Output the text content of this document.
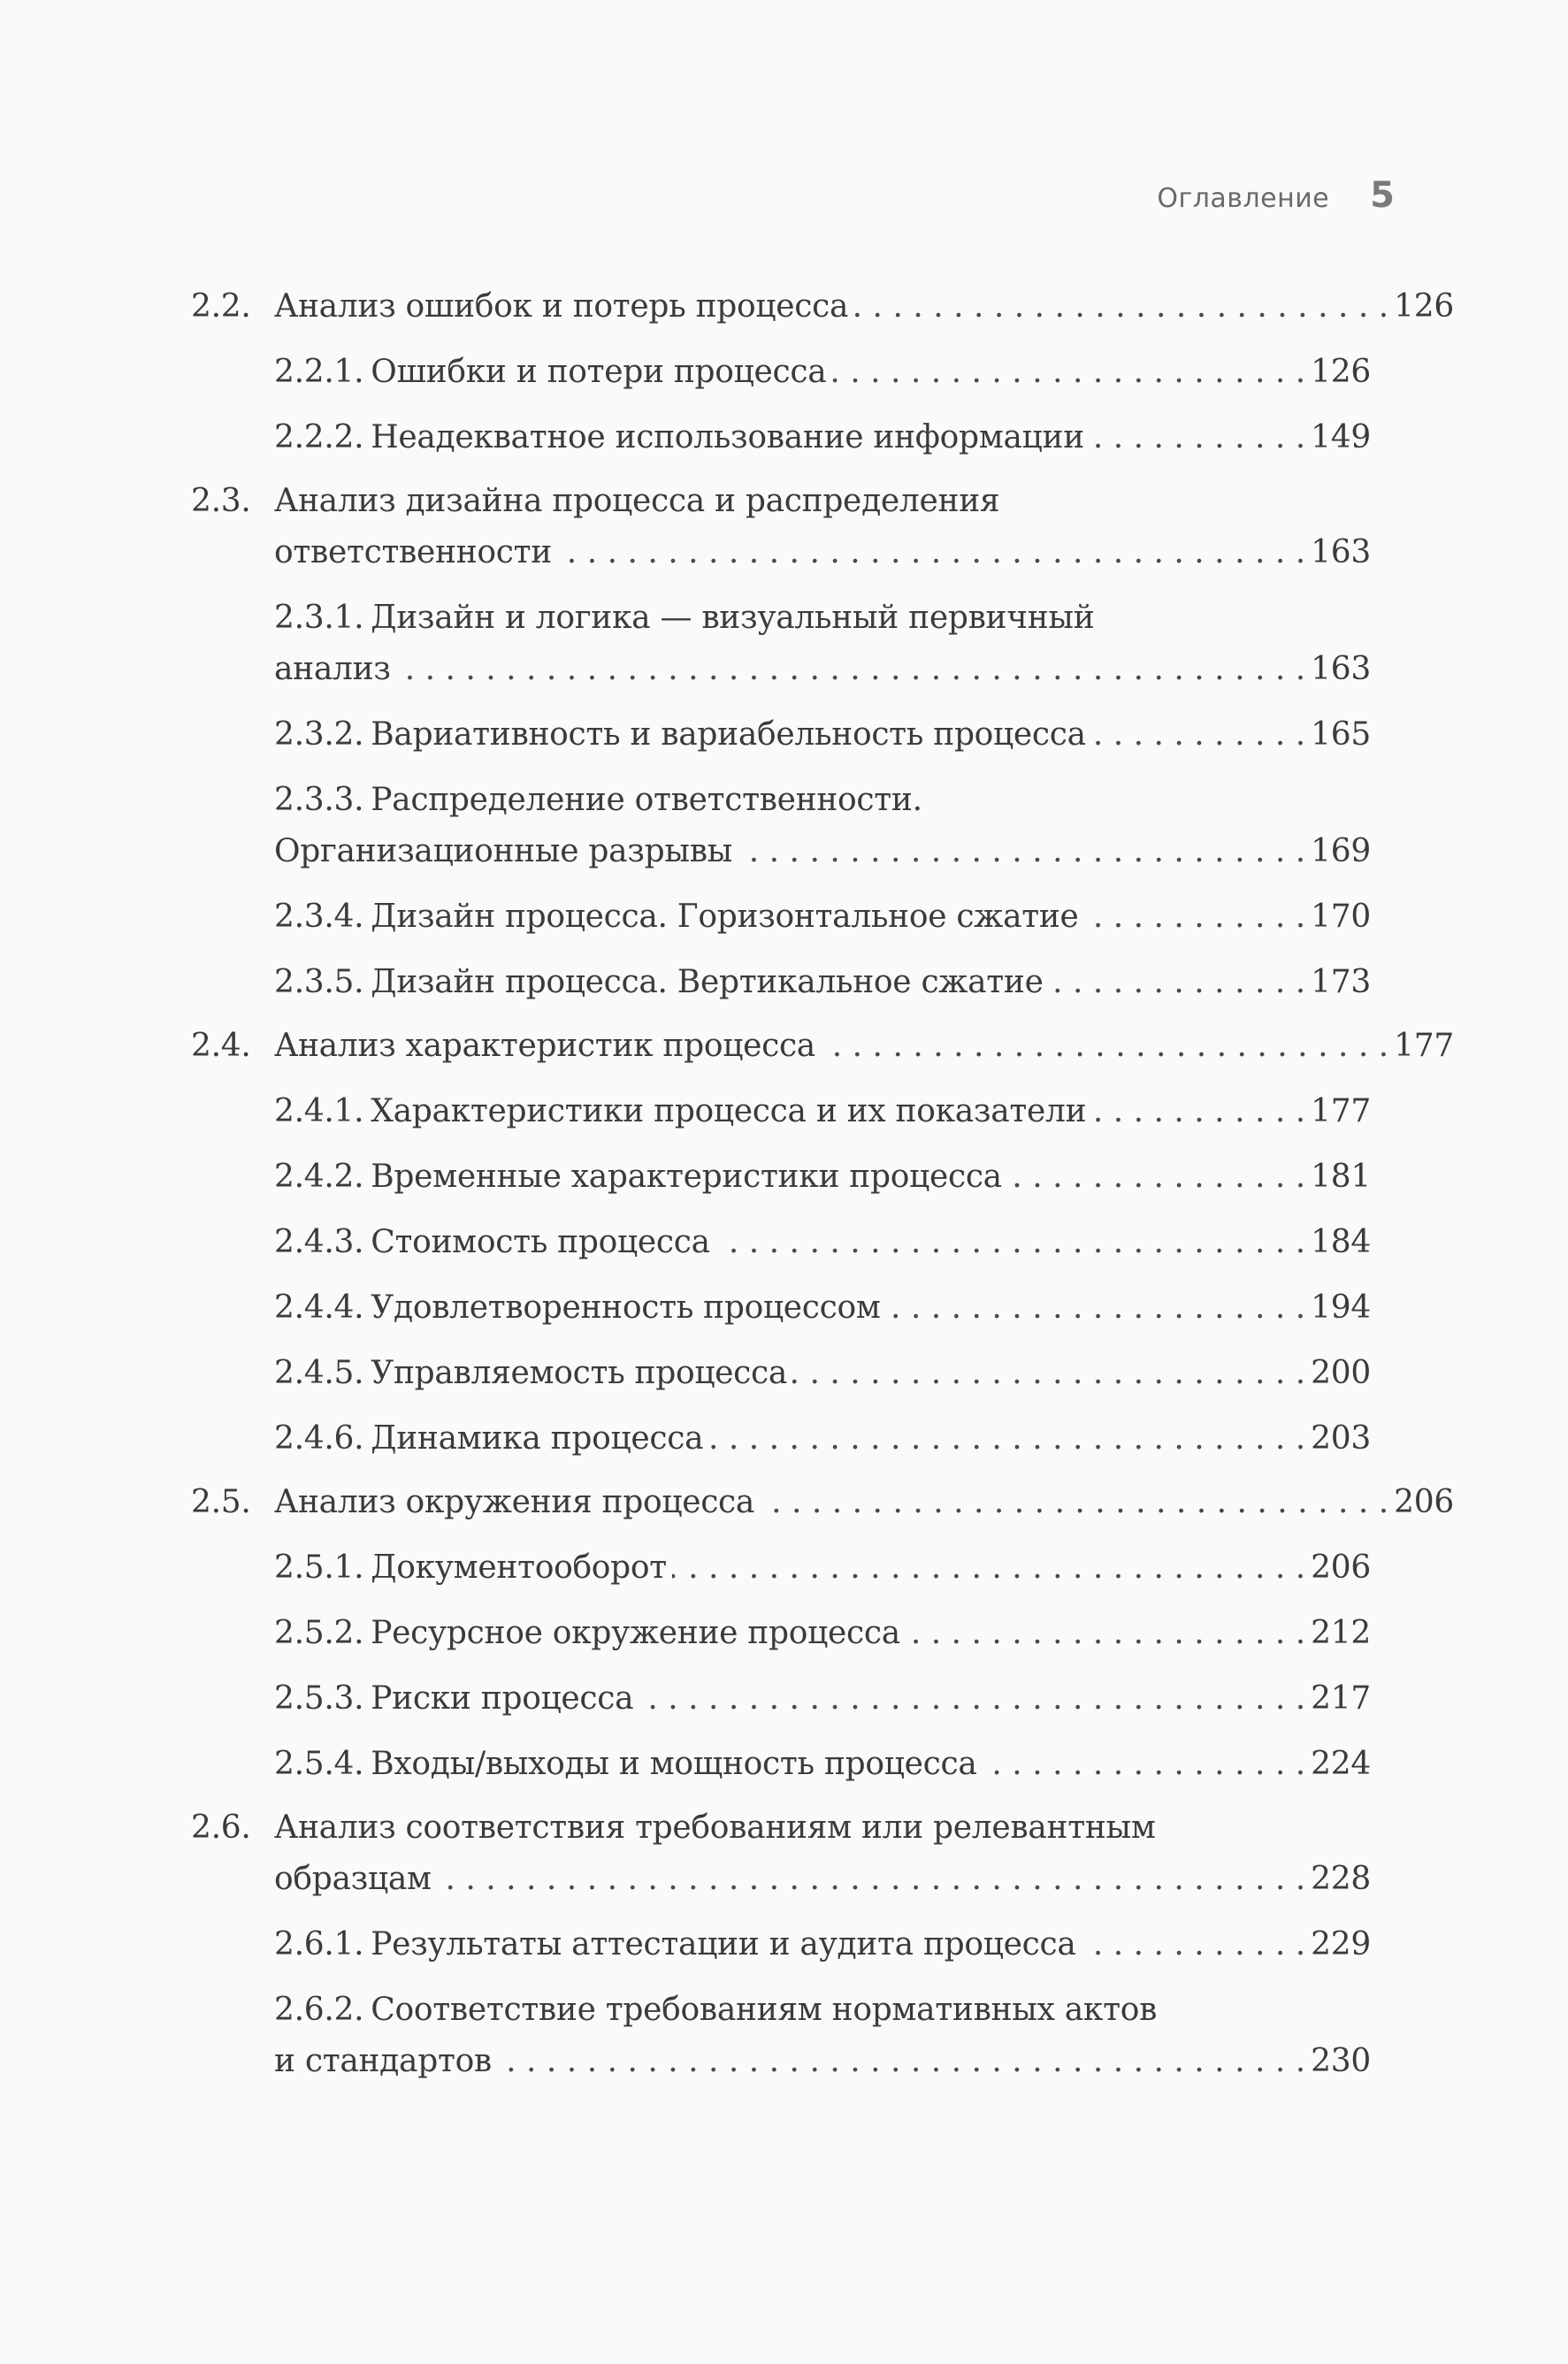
Оглавление 5
2.2. Анализ ошибок и потерь процесса . . .	126
2.2.1. Ошибки и потери процесса . . .	126
2.2.2. Неадекватное использование информации . . .	149
2.3. Анализ дизайна процесса и распределения
ответственности . . .	163
2.3.1. Дизайн и логика — визуальный первичный
анализ . . .	163
2.3.2. Вариативность и вариабельность процесса . . .	165
2.3.3. Распределение ответственности.
Организационные разрывы . . .	169
2.3.4. Дизайн процесса. Горизонтальное сжатие . . .	170
2.3.5. Дизайн процесса. Вертикальное сжатие . . .	173
2.4. Анализ характеристик процесса . . .	177
2.4.1. Характеристики процесса и их показатели . . .	177
2.4.2. Временные характеристики процесса . . .	181
2.4.3. Стоимость процесса . . .	184
2.4.4. Удовлетворенность процессом . . .	194
2.4.5. Управляемость процесса . . .	200
2.4.6. Динамика процесса . . .	203
2.5. Анализ окружения процесса . . .	206
2.5.1. Документооборот . . .	206
2.5.2. Ресурсное окружение процесса . . .	212
2.5.3. Риски процесса . . .	217
2.5.4. Входы/выходы и мощность процесса . . .	224
2.6. Анализ соответствия требованиям или релевантным
образцам . . .	228
2.6.1. Результаты аттестации и аудита процесса . . .	229
2.6.2. Соответствие требованиям нормативных актов
и стандартов . . .	230
